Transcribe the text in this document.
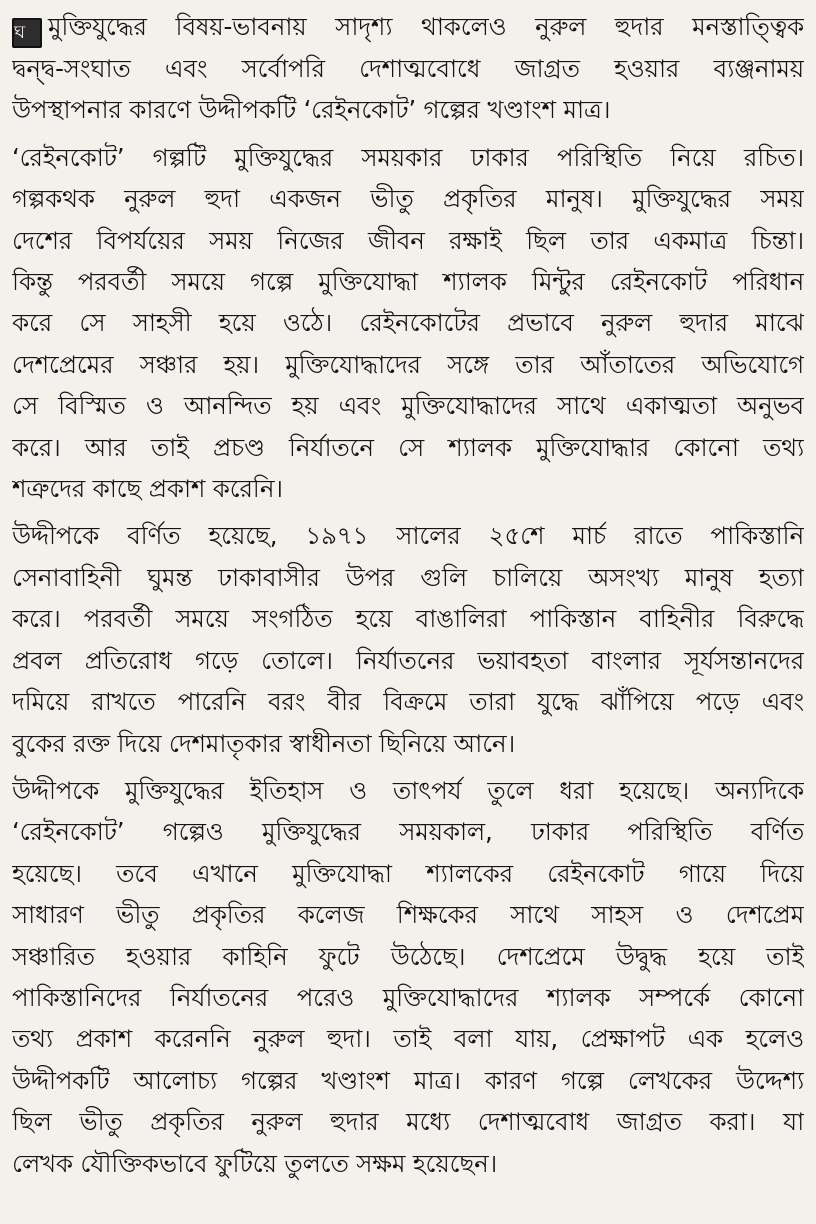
ঘ মুক্তিযুদ্ধের বিষয়-ভাবনায় সাদৃশ্য থাকলেও নুরুল হুদার মনস্তাত্ত্বিক
দ্বন্দ্ব-সংঘাত এবং সর্বোপরি দেশাত্মবোধে জাগ্রত হওয়ার ব্যঞ্জনাময়
উপস্থাপনার কারণে উদ্দীপকটি ‘রেইনকোট’ গল্পের খণ্ডাংশ মাত্র।

‘রেইনকোট’ গল্পটি মুক্তিযুদ্ধের সময়কার ঢাকার পরিস্থিতি নিয়ে রচিত।
গল্পকথক নুরুল হুদা একজন ভীতু প্রকৃতির মানুষ। মুক্তিযুদ্ধের সময়
দেশের বিপর্যয়ের সময় নিজের জীবন রক্ষাই ছিল তার একমাত্র চিন্তা।
কিন্তু পরবর্তী সময়ে গল্পে মুক্তিযোদ্ধা শ্যালক মিন্টুর রেইনকোট পরিধান
করে সে সাহসী হয়ে ওঠে। রেইনকোটের প্রভাবে নুরুল হুদার মাঝে
দেশপ্রেমের সঞ্চার হয়। মুক্তিযোদ্ধাদের সঙ্গে তার আঁতাতের অভিযোগে
সে বিস্মিত ও আনন্দিত হয় এবং মুক্তিযোদ্ধাদের সাথে একাত্মতা অনুভব
করে। আর তাই প্রচণ্ড নির্যাতনে সে শ্যালক মুক্তিযোদ্ধার কোনো তথ্য
শত্রুদের কাছে প্রকাশ করেনি।

উদ্দীপকে বর্ণিত হয়েছে, ১৯৭১ সালের ২৫শে মার্চ রাতে পাকিস্তানি
সেনাবাহিনী ঘুমন্ত ঢাকাবাসীর উপর গুলি চালিয়ে অসংখ্য মানুষ হত্যা
করে। পরবর্তী সময়ে সংগঠিত হয়ে বাঙালিরা পাকিস্তান বাহিনীর বিরুদ্ধে
প্রবল প্রতিরোধ গড়ে তোলে। নির্যাতনের ভয়াবহতা বাংলার সূর্যসন্তানদের
দমিয়ে রাখতে পারেনি বরং বীর বিক্রমে তারা যুদ্ধে ঝাঁপিয়ে পড়ে এবং
বুকের রক্ত দিয়ে দেশমাতৃকার স্বাধীনতা ছিনিয়ে আনে।

উদ্দীপকে মুক্তিযুদ্ধের ইতিহাস ও তাৎপর্য তুলে ধরা হয়েছে। অন্যদিকে
‘রেইনকোট’ গল্পেও মুক্তিযুদ্ধের সময়কাল, ঢাকার পরিস্থিতি বর্ণিত
হয়েছে। তবে এখানে মুক্তিযোদ্ধা শ্যালকের রেইনকোট গায়ে দিয়ে
সাধারণ ভীতু প্রকৃতির কলেজ শিক্ষকের সাথে সাহস ও দেশপ্রেম
সঞ্চারিত হওয়ার কাহিনি ফুটে উঠেছে। দেশপ্রেমে উদ্বুদ্ধ হয়ে তাই
পাকিস্তানিদের নির্যাতনের পরেও মুক্তিযোদ্ধাদের শ্যালক সম্পর্কে কোনো
তথ্য প্রকাশ করেননি নুরুল হুদা। তাই বলা যায়, প্রেক্ষাপট এক হলেও
উদ্দীপকটি আলোচ্য গল্পের খণ্ডাংশ মাত্র। কারণ গল্পে লেখকের উদ্দেশ্য
ছিল ভীতু প্রকৃতির নুরুল হুদার মধ্যে দেশাত্মবোধ জাগ্রত করা। যা
লেখক যৌক্তিকভাবে ফুটিয়ে তুলতে সক্ষম হয়েছেন।
